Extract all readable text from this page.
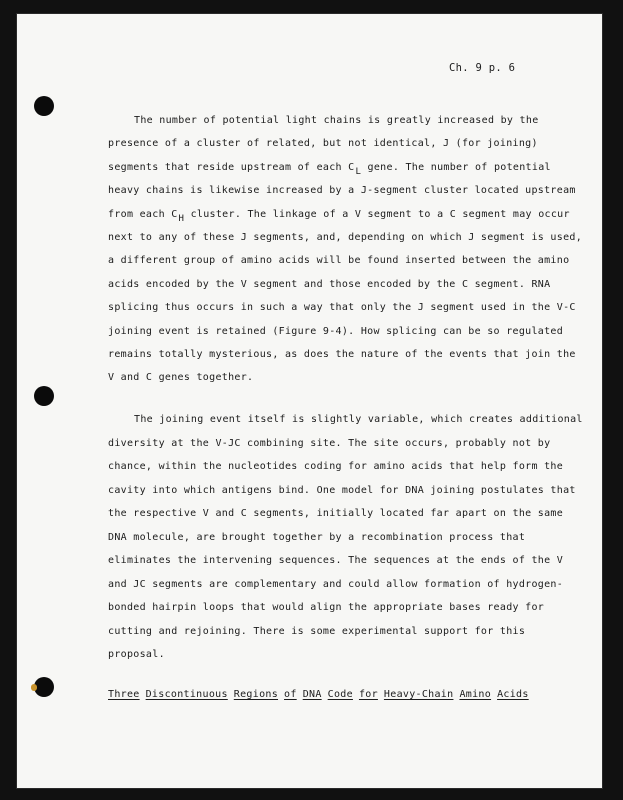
Ch. 9 p. 6
The number of potential light chains is greatly increased by the
presence of a cluster of related, but not identical, J (for joining)
segments that reside upstream of each CL gene. The number of potential
heavy chains is likewise increased by a J-segment cluster located upstream
from each CH cluster. The linkage of a V segment to a C segment may occur
next to any of these J segments, and, depending on which J segment is used,
a different group of amino acids will be found inserted between the amino
acids encoded by the V segment and those encoded by the C segment. RNA
splicing thus occurs in such a way that only the J segment used in the V-C
joining event is retained (Figure 9-4). How splicing can be so regulated
remains totally mysterious, as does the nature of the events that join the
V and C genes together.
The joining event itself is slightly variable, which creates additional
diversity at the V-JC combining site. The site occurs, probably not by
chance, within the nucleotides coding for amino acids that help form the
cavity into which antigens bind. One model for DNA joining postulates that
the respective V and C segments, initially located far apart on the same
DNA molecule, are brought together by a recombination process that
eliminates the intervening sequences. The sequences at the ends of the V
and JC segments are complementary and could allow formation of hydrogen-
bonded hairpin loops that would align the appropriate bases ready for
cutting and rejoining. There is some experimental support for this
proposal.
Three Discontinuous Regions of DNA Code for Heavy-Chain Amino Acids
